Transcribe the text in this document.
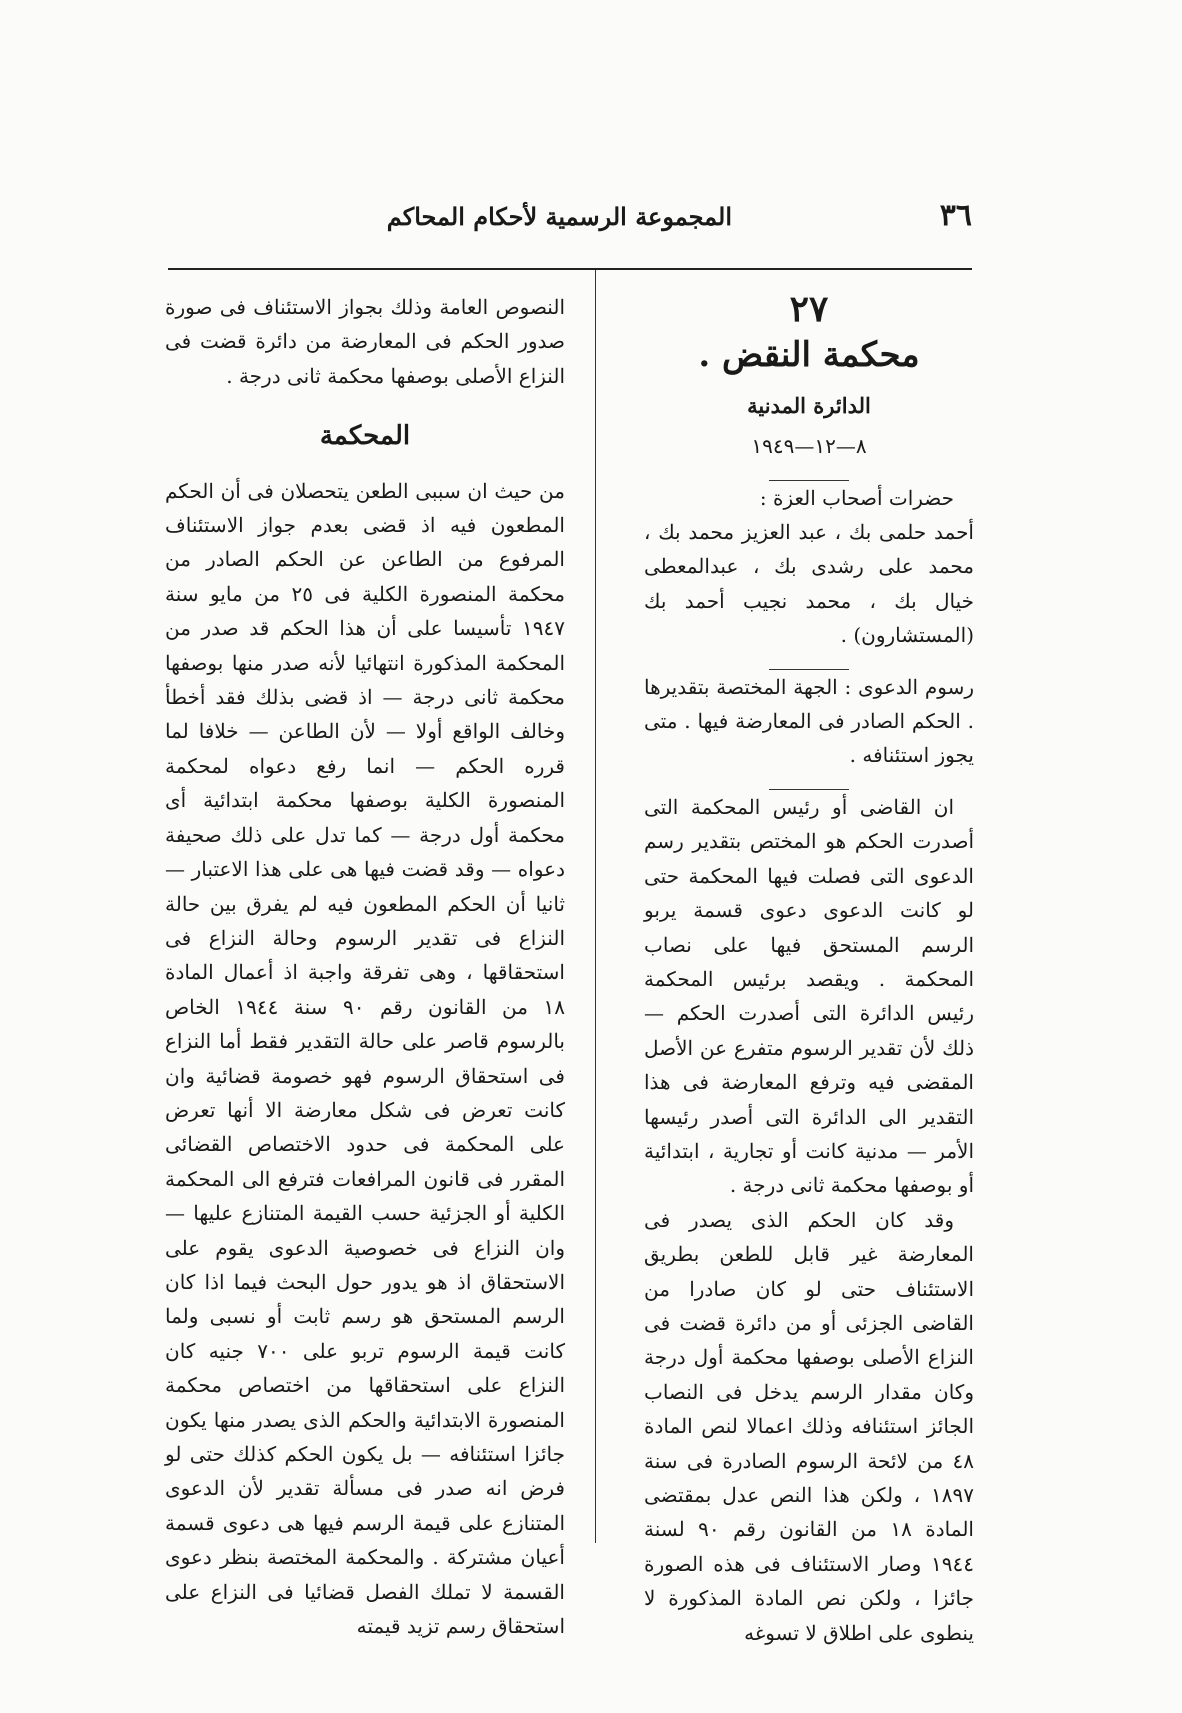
٣٦
المجموعة الرسمية لأحكام المحاكم
٢٧
محكمة النقض .
الدائرة المدنية
٨—١٢—١٩٤٩

حضرات أصحاب العزة :

أحمد حلمى بك ، عبد العزيز محمد بك ، محمد على رشدى بك ، عبدالمعطى خيال بك ، محمد نجيب أحمد بك (المستشارون) .

رسوم الدعوى : الجهة المختصة بتقديرها . الحكم الصادر فى المعارضة فيها . متى يجوز استئنافه .

ان القاضى أو رئيس المحكمة التى أصدرت الحكم هو المختص بتقدير رسم الدعوى التى فصلت فيها المحكمة حتى لو كانت الدعوى دعوى قسمة يربو الرسم المستحق فيها على نصاب المحكمة . ويقصد برئيس المحكمة رئيس الدائرة التى أصدرت الحكم — ذلك لأن تقدير الرسوم متفرع عن الأصل المقضى فيه وترفع المعارضة فى هذا التقدير الى الدائرة التى أصدر رئيسها الأمر — مدنية كانت أو تجارية ، ابتدائية أو بوصفها محكمة ثانى درجة .

وقد كان الحكم الذى يصدر فى المعارضة غير قابل للطعن بطريق الاستئناف حتى لو كان صادرا من القاضى الجزئى أو من دائرة قضت فى النزاع الأصلى بوصفها محكمة أول درجة وكان مقدار الرسم يدخل فى النصاب الجائز استئنافه وذلك اعمالا لنص المادة ٤٨ من لائحة الرسوم الصادرة فى سنة ١٨٩٧ ، ولكن هذا النص عدل بمقتضى المادة ١٨ من القانون رقم ٩٠ لسنة ١٩٤٤ وصار الاستئناف فى هذه الصورة جائزا ، ولكن نص المادة المذكورة لا ينطوى على اطلاق لا تسوغه

النصوص العامة وذلك بجواز الاستئناف فى صورة صدور الحكم فى المعارضة من دائرة قضت فى النزاع الأصلى بوصفها محكمة ثانى درجة .

المحكمة

من حيث ان سببى الطعن يتحصلان فى أن الحكم المطعون فيه اذ قضى بعدم جواز الاستئناف المرفوع من الطاعن عن الحكم الصادر من محكمة المنصورة الكلية فى ٢٥ من مايو سنة ١٩٤٧ تأسيسا على أن هذا الحكم قد صدر من المحكمة المذكورة انتهائيا لأنه صدر منها بوصفها محكمة ثانى درجة — اذ قضى بذلك فقد أخطأ وخالف الواقع أولا — لأن الطاعن — خلافا لما قرره الحكم — انما رفع دعواه لمحكمة المنصورة الكلية بوصفها محكمة ابتدائية أى محكمة أول درجة — كما تدل على ذلك صحيفة دعواه — وقد قضت فيها هى على هذا الاعتبار — ثانيا أن الحكم المطعون فيه لم يفرق بين حالة النزاع فى تقدير الرسوم وحالة النزاع فى استحقاقها ، وهى تفرقة واجبة اذ أعمال المادة ١٨ من القانون رقم ٩٠ سنة ١٩٤٤ الخاص بالرسوم قاصر على حالة التقدير فقط أما النزاع فى استحقاق الرسوم فهو خصومة قضائية وان كانت تعرض فى شكل معارضة الا أنها تعرض على المحكمة فى حدود الاختصاص القضائى المقرر فى قانون المرافعات فترفع الى المحكمة الكلية أو الجزئية حسب القيمة المتنازع عليها — وان النزاع فى خصوصية الدعوى يقوم على الاستحقاق اذ هو يدور حول البحث فيما اذا كان الرسم المستحق هو رسم ثابت أو نسبى ولما كانت قيمة الرسوم تربو على ٧٠٠ جنيه كان النزاع على استحقاقها من اختصاص محكمة المنصورة الابتدائية والحكم الذى يصدر منها يكون جائزا استئنافه — بل يكون الحكم كذلك حتى لو فرض انه صدر فى مسألة تقدير لأن الدعوى المتنازع على قيمة الرسم فيها هى دعوى قسمة أعيان مشتركة . والمحكمة المختصة بنظر دعوى القسمة لا تملك الفصل قضائيا فى النزاع على استحقاق رسم تزيد قيمته
